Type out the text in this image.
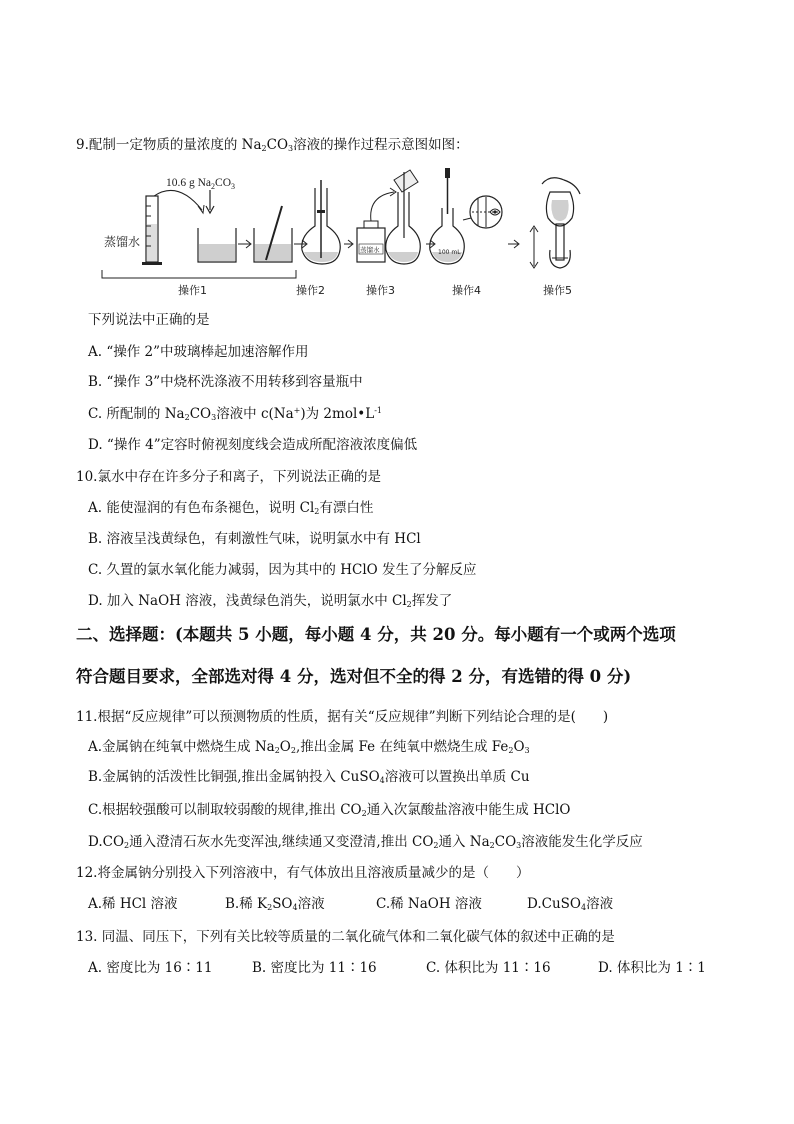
9.配制一定物质的量浓度的 $Na_2CO_3$溶液的操作过程示意图如图：
10.6 g $Na_2CO_3$
蒸馏水
蒸馏水	100 mL
操作1	操作2	操作3	操作4	操作5
下列说法中正确的是
A. “操作 2”中玻璃棒起加速溶解作用
B. “操作 3”中烧杯洗涤液不用转移到容量瓶中
C. 所配制的 $Na_2CO_3$溶液中 c(Na+)为 $2mol•L^{-1}$
D. “操作 4”定容时俯视刻度线会造成所配溶液浓度偏低
10.氯水中存在许多分子和离子，下列说法正确的是
A. 能使湿润的有色布条褪色，说明 $Cl_2$有漂白性
B. 溶液呈浅黄绿色，有刺激性气味，说明氯水中有 HCl
C. 久置的氯水氧化能力减弱，因为其中的 HClO 发生了分解反应
D. 加入 NaOH 溶液，浅黄绿色消失，说明氯水中 $Cl_2$挥发了
二、选择题：(本题共 5 小题，每小题 4 分，共 20 分。每小题有一个或两个选项
符合题目要求，全部选对得 4 分，选对但不全的得 2 分，有选错的得 0 分)
11.根据“反应规律”可以预测物质的性质，据有关“反应规律”判断下列结论合理的是(　　)
A.金属钠在纯氧中燃烧生成 $Na_2O_2$,推出金属 Fe 在纯氧中燃烧生成 $Fe_2O_3$
B.金属钠的活泼性比铜强,推出金属钠投入 CuSO$_4$溶液可以置换出单质 Cu
C.根据较强酸可以制取较弱酸的规律,推出 $CO_2$通入次氯酸盐溶液中能生成 HClO
$D.CO_2$通入澄清石灰水先变浑浊,继续通又变澄清,推出 $CO_2$通入 $Na_2CO_3$溶液能发生化学反应
12.将金属钠分别投入下列溶液中，有气体放出且溶液质量减少的是（　　）
A.稀 HCl 溶液	B.稀 $K_2SO_4$溶液	C.稀 NaOH 溶液	D.CuSO$_4$溶液
13. 同温、同压下，下列有关比较等质量的二氧化硫气体和二氧化碳气体的叙述中正确的是
A. 密度比为 16∶11	B. 密度比为 11∶16	C. 体积比为 11∶16	D. 体积比为 1∶1
